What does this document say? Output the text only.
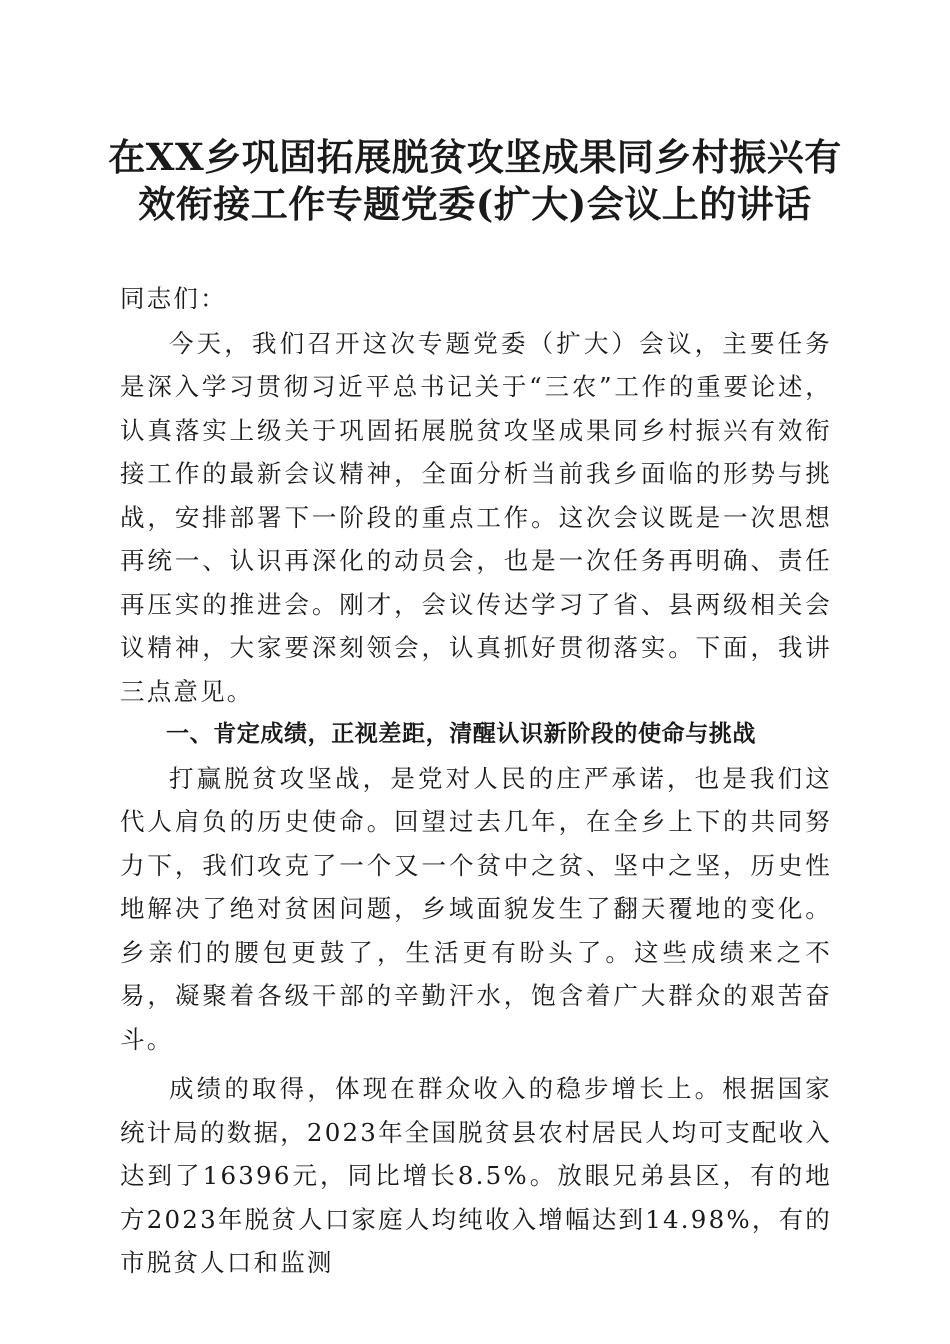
在XX乡巩固拓展脱贫攻坚成果同乡村振兴有
效衔接工作专题党委(扩大)会议上的讲话

同志们：

今天，我们召开这次专题党委（扩大）会议，主要任务是深入学习贯彻习近平总书记关于“三农”工作的重要论述，认真落实上级关于巩固拓展脱贫攻坚成果同乡村振兴有效衔接工作的最新会议精神，全面分析当前我乡面临的形势与挑战，安排部署下一阶段的重点工作。这次会议既是一次思想再统一、认识再深化的动员会，也是一次任务再明确、责任再压实的推进会。刚才，会议传达学习了省、县两级相关会议精神，大家要深刻领会，认真抓好贯彻落实。下面，我讲三点意见。

一、肯定成绩，正视差距，清醒认识新阶段的使命与挑战

打赢脱贫攻坚战，是党对人民的庄严承诺，也是我们这代人肩负的历史使命。回望过去几年，在全乡上下的共同努力下，我们攻克了一个又一个贫中之贫、坚中之坚，历史性地解决了绝对贫困问题，乡域面貌发生了翻天覆地的变化。乡亲们的腰包更鼓了，生活更有盼头了。这些成绩来之不易，凝聚着各级干部的辛勤汗水，饱含着广大群众的艰苦奋斗。

成绩的取得，体现在群众收入的稳步增长上。根据国家统计局的数据，2023年全国脱贫县农村居民人均可支配收入达到了16396元，同比增长8.5%。放眼兄弟县区，有的地方2023年脱贫人口家庭人均纯收入增幅达到14.98%，有的市脱贫人口和监测
